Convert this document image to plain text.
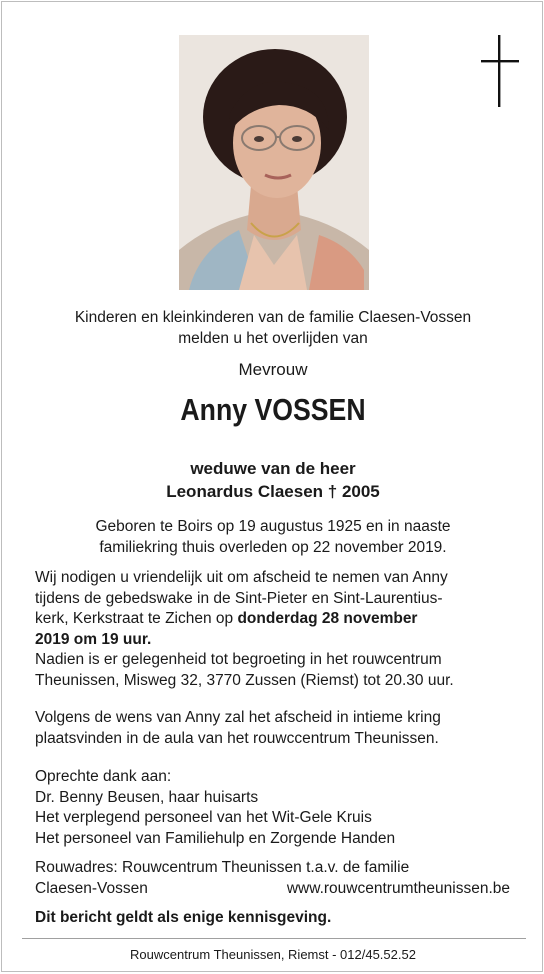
Kinderen en kleinkinderen van de familie Claesen-Vossen
melden u het overlijden van
Mevrouw
Anny VOSSEN
weduwe van de heer
Leonardus Claesen † 2005
Geboren te Boirs op 19 augustus 1925 en in naaste
familiekring thuis overleden op 22 november 2019.
Wij nodigen u vriendelijk uit om afscheid te nemen van Anny
tijdens de gebedswake in de Sint-Pieter en Sint-Laurentius-
kerk, Kerkstraat te Zichen op donderdag 28 november
2019 om 19 uur.
Nadien is er gelegenheid tot begroeting in het rouwcentrum
Theunissen, Misweg 32, 3770 Zussen (Riemst) tot 20.30 uur.
Volgens de wens van Anny zal het afscheid in intieme kring
plaatsvinden in de aula van het rouwccentrum Theunissen.
Oprechte dank aan:
Dr. Benny Beusen, haar huisarts
Het verplegend personeel van het Wit-Gele Kruis
Het personeel van Familiehulp en Zorgende Handen
Rouwadres: Rouwcentrum Theunissen t.a.v. de familie
Claesen-Vossen	www.rouwcentrumtheunissen.be
Dit bericht geldt als enige kennisgeving.
Rouwcentrum Theunissen, Riemst - 012/45.52.52
